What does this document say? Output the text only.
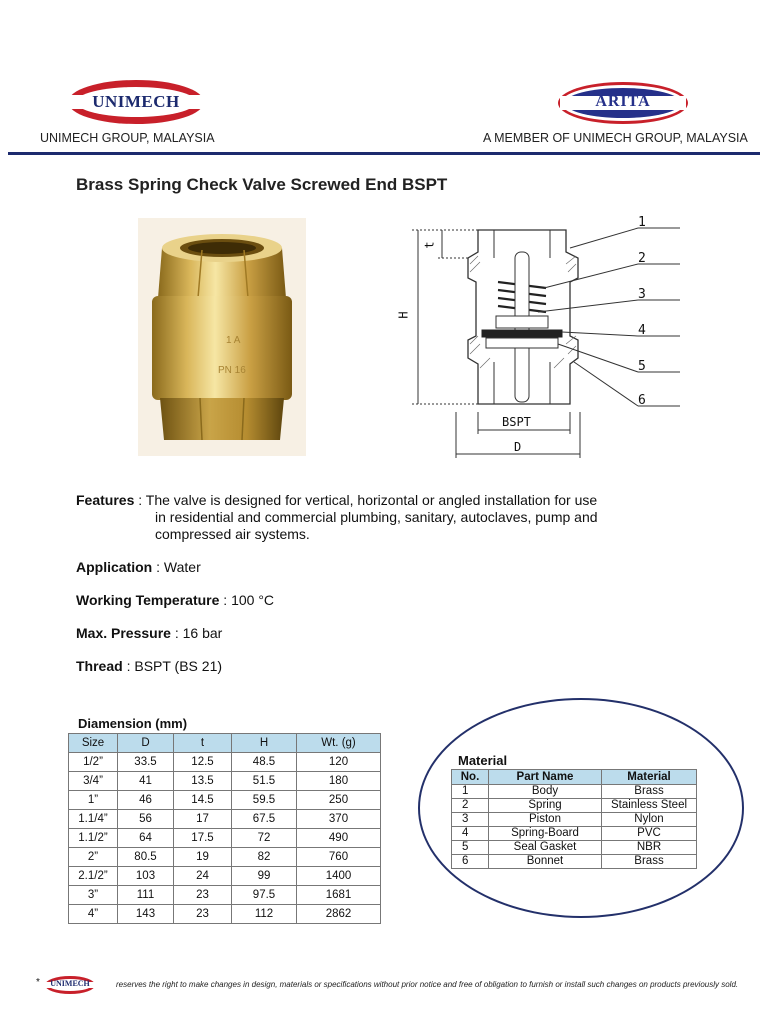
UNIMECH
UNIMECH GROUP, MALAYSIA
ARITA
A MEMBER OF UNIMECH GROUP, MALAYSIA
Brass Spring Check Valve Screwed End BSPT
1 A
PN 16
1
2
3
4
5
6
t
H
BSPT
D
Features : The valve is designed for vertical, horizontal or angled installation for use
in residential and commercial plumbing, sanitary, autoclaves, pump and
compressed air systems.
Application : Water
Working Temperature : 100 °C
Max. Pressure : 16 bar
Thread : BSPT (BS 21)
Diamension (mm)
Size	D	t	H	Wt. (g)
1/2”	33.5	12.5	48.5	120
3/4”	41	13.5	51.5	180
1”	46	14.5	59.5	250
1.1/4”	56	17	67.5	370
1.1/2”	64	17.5	72	490
2”	80.5	19	82	760
2.1/2”	103	24	99	1400
3”	111	23	97.5	1681
4”	143	23	112	2862
Material
No.	Part Name	Material
1	Body	Brass
2	Spring	Stainless Steel
3	Piston	Nylon
4	Spring-Board	PVC
5	Seal Gasket	NBR
6	Bonnet	Brass
*	UNIMECH	reserves the right to make changes in design, materials or specifications without prior notice and free of obligation to furnish or install such changes on products previously sold.
